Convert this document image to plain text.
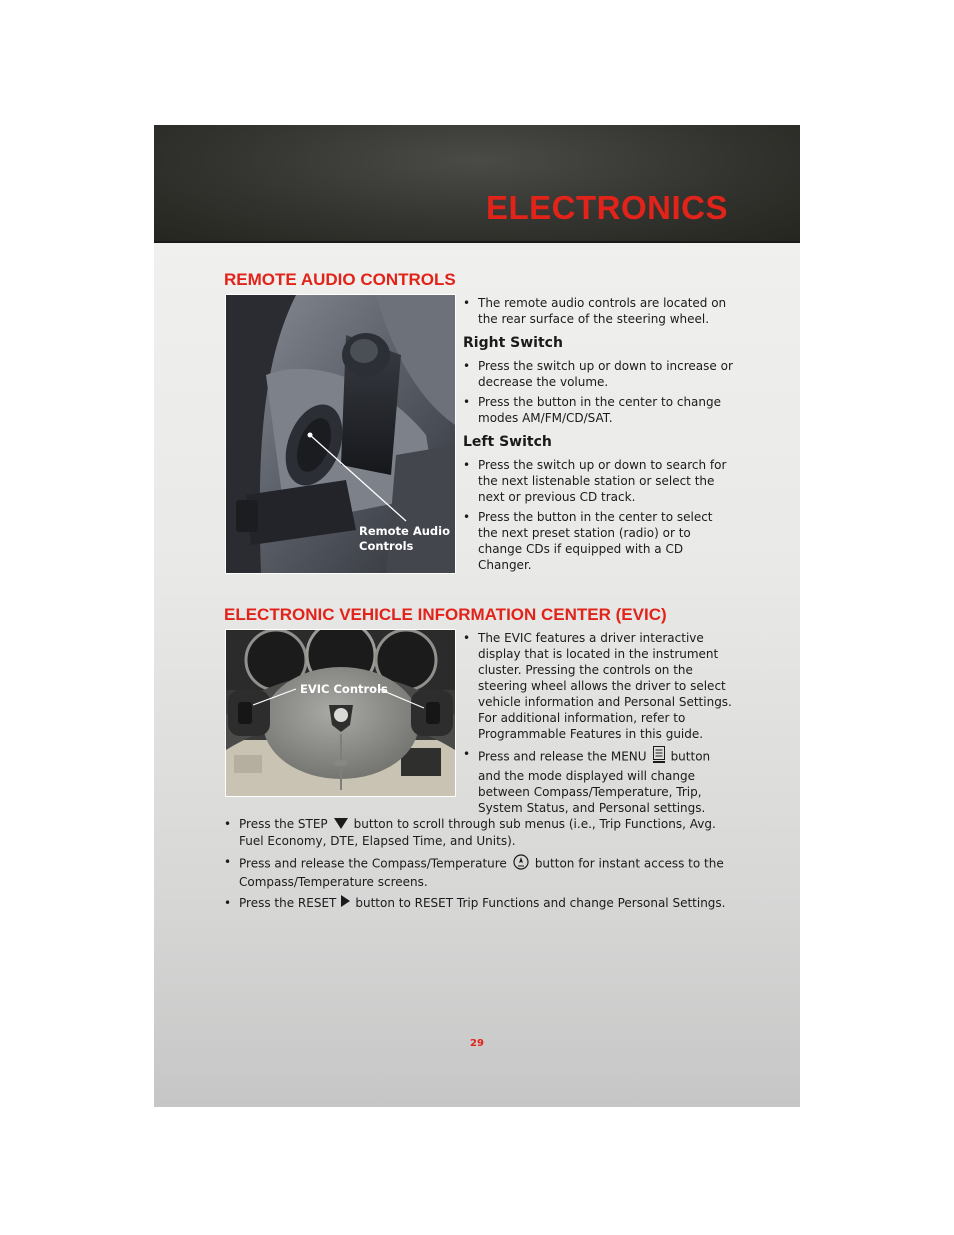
ELECTRONICS
REMOTE AUDIO CONTROLS
Remote Audio
Controls
• The remote audio controls are located on the rear surface of the steering wheel.
Right Switch
• Press the switch up or down to increase or decrease the volume.
• Press the button in the center to change modes AM/FM/CD/SAT.
Left Switch
• Press the switch up or down to search for the next listenable station or select the next or previous CD track.
• Press the button in the center to select the next preset station (radio) or to change CDs if equipped with a CD Changer.
ELECTRONIC VEHICLE INFORMATION CENTER (EVIC)
EVIC Controls
• The EVIC features a driver interactive display that is located in the instrument cluster. Pressing the controls on the steering wheel allows the driver to select vehicle information and Personal Settings. For additional information, refer to Programmable Features in this guide.
• Press and release the MENU button and the mode displayed will change between Compass/Temperature, Trip, System Status, and Personal settings.
• Press the STEP button to scroll through sub menus (i.e., Trip Functions, Avg. Fuel Economy, DTE, Elapsed Time, and Units).
• Press and release the Compass/Temperature button for instant access to the Compass/Temperature screens.
• Press the RESET button to RESET Trip Functions and change Personal Settings.

29
